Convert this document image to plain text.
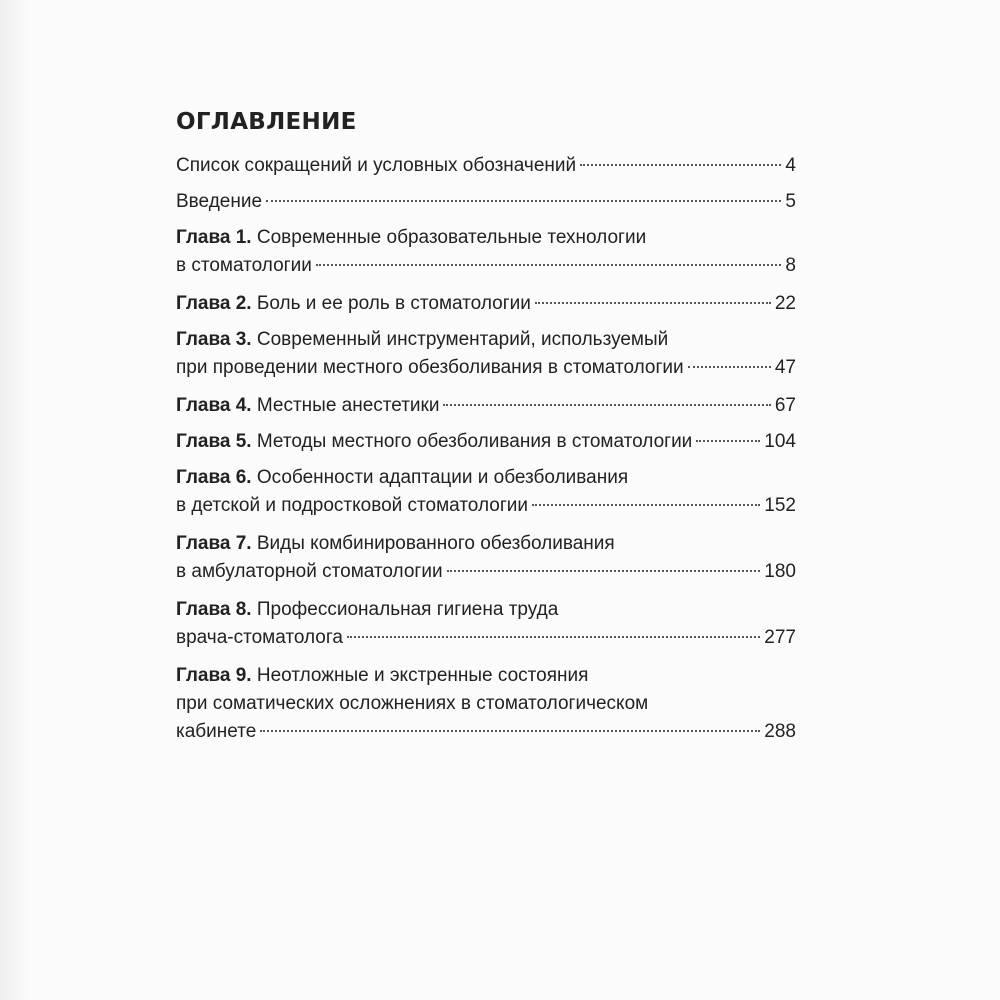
ОГЛАВЛЕНИЕ
Список сокращений и условных обозначений	4
Введение	5
Глава 1. Современные образовательные технологии
в стоматологии	8
Глава 2. Боль и ее роль в стоматологии	22
Глава 3. Современный инструментарий, используемый
при проведении местного обезболивания в стоматологии	47
Глава 4. Местные анестетики	67
Глава 5. Методы местного обезболивания в стоматологии	104
Глава 6. Особенности адаптации и обезболивания
в детской и подростковой стоматологии	152
Глава 7. Виды комбинированного обезболивания
в амбулаторной стоматологии	180
Глава 8. Профессиональная гигиена труда
врача-стоматолога	277
Глава 9. Неотложные и экстренные состояния
при соматических осложнениях в стоматологическом
кабинете	288
